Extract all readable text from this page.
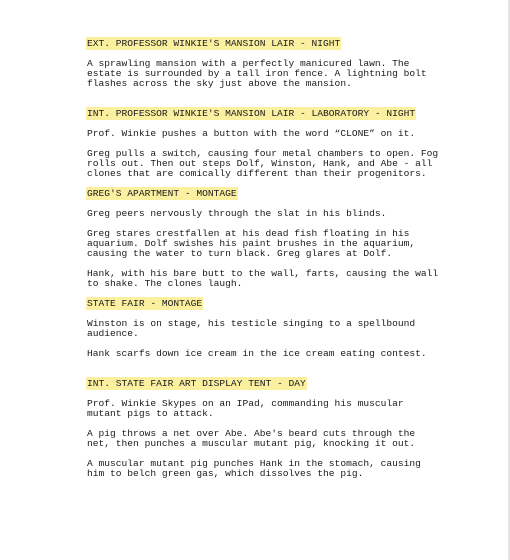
EXT. PROFESSOR WINKIE'S MANSION LAIR - NIGHT

A sprawling mansion with a perfectly manicured lawn. The
estate is surrounded by a tall iron fence. A lightning bolt
flashes across the sky just above the mansion.

INT. PROFESSOR WINKIE'S MANSION LAIR - LABORATORY - NIGHT

Prof. Winkie pushes a button with the word “CLONE” on it.

Greg pulls a switch, causing four metal chambers to open. Fog
rolls out. Then out steps Dolf, Winston, Hank, and Abe - all
clones that are comically different than their progenitors.

GREG'S APARTMENT - MONTAGE

Greg peers nervously through the slat in his blinds.

Greg stares crestfallen at his dead fish floating in his
aquarium. Dolf swishes his paint brushes in the aquarium,
causing the water to turn black. Greg glares at Dolf.

Hank, with his bare butt to the wall, farts, causing the wall
to shake. The clones laugh.

STATE FAIR - MONTAGE

Winston is on stage, his testicle singing to a spellbound
audience.

Hank scarfs down ice cream in the ice cream eating contest.

INT. STATE FAIR ART DISPLAY TENT - DAY

Prof. Winkie Skypes on an IPad, commanding his muscular
mutant pigs to attack.

A pig throws a net over Abe. Abe's beard cuts through the
net, then punches a muscular mutant pig, knocking it out.

A muscular mutant pig punches Hank in the stomach, causing
him to belch green gas, which dissolves the pig.
